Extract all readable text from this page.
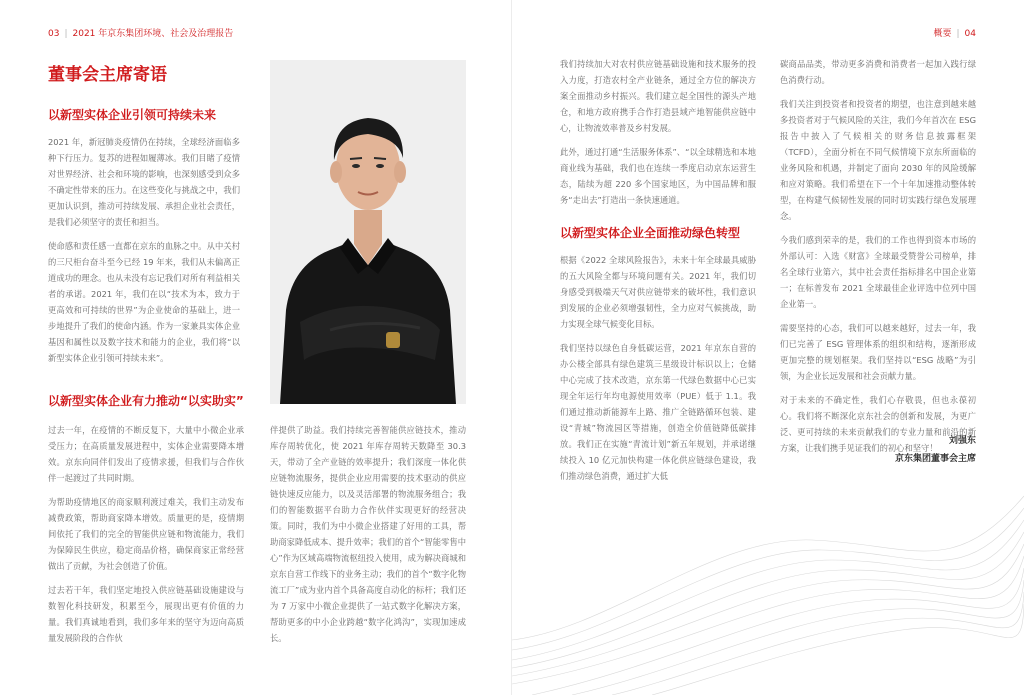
03 | 2021 年京东集团环境、社会及治理报告
董事会主席寄语
以新型实体企业引领可持续未来

2021 年，新冠肺炎疫情仍在持续，全球经济面临多种下行压力。复苏的进程如履薄冰。我们目睹了疫情对世界经济、社会和环境的影响，也深刻感受到众多不确定性带来的压力。在这些变化与挑战之中，我们更加认识到，推动可持续发展、承担企业社会责任，是我们必须坚守的责任和担当。

使命感和责任感一直都在京东的血脉之中。从中关村的三尺柜台奋斗至今已经 19 年来，我们从未偏离正道成功的理念。也从未没有忘记我们对所有利益相关者的承诺。2021 年，我们在以“技术为本，致力于更高效和可持续的世界”为企业使命的基础上，进一步地提升了我们的使命内涵。作为一家兼具实体企业基因和属性以及数字技术和能力的企业，我们将“以新型实体企业引领可持续未来”。

以新型实体企业有力推动“以实助实”

过去一年，在疫情的不断反复下，大量中小微企业承受压力；在高质量发展进程中，实体企业需要降本增效。京东向同伴们发出了疫情求援，但我们与合作伙伴一起渡过了共同时期。

为帮助疫情地区的商家顺利渡过难关，我们主动发布减费政策，帮助商家降本增效。质量更的是，疫情期间依托了我们的完全的智能供应链和物流能力，我们为保障民生供应，稳定商品价格，确保商家正常经营做出了贡献，为社会创造了价值。

过去若干年，我们坚定地投入供应链基础设施建设与数智化科技研发，积累至今，展现出更有价值的力量。我们真诚地看到，我们多年来的坚守为迈向高质量发展阶段的合作伙

伴提供了助益。我们持续完善智能供应链技术，推动库存周转优化，使 2021 年库存周转天数降至 30.3 天，带动了全产业链的效率提升；我们深度一体化供应链物流服务，提供企业应用需要的技术驱动的供应链快速反应能力，以及灵活部署的物流服务组合；我们的智能数据平台助力合作伙伴实现更好的经营决策。同时，我们为中小微企业搭建了好用的工具，帮助商家降低成本、提升效率；我们的首个“智能零售中心”作为区域高端物流枢纽投入使用，成为解决商城和京东自营工作线下的业务主动；我们的首个“数字化物流工厂”成为业内首个具备高度自动化的标杆；我们还为 7 万家中小微企业提供了一站式数字化解决方案，帮助更多的中小企业跨越“数字化鸿沟”，实现加速成长。

概要 | 04

我们持续加大对农村供应链基础设施和技术服务的投入力度，打造农村全产业链条，通过全方位的解决方案全面推动乡村振兴。我们建立起全国性的源头产地仓，和地方政府携手合作打造县域产地智能供应链中心，让物流效率普及乡村发展。

此外，通过打通“生活服务体系”、“以全球精选和本地商业线为基础，我们也在连续一季度启动京东运营生态，陆续为超 220 多个国家地区，为中国品牌和服务“走出去”打造出一条快速通道。

以新型实体企业全面推动绿色转型

根据《2022 全球风险报告》，未来十年全球最具威胁的五大风险全都与环境问题有关。2021 年，我们切身感受到极端天气对供应链带来的破坏性，我们意识到发展的企业必须增强韧性，全力应对气候挑战，助力实现全球气候变化目标。

我们坚持以绿色自身低碳运营，2021 年京东自营的办公楼全部具有绿色建筑三星级设计标识以上；仓储中心完成了技术改造，京东第一代绿色数据中心已实现全年运行年均电源使用效率（PUE）低于 1.1。我们通过推动新能源车上路、推广全链路循环包装、建设“青城”物流园区等措施，创造全价值链降低碳排放。我们正在实施“青流计划”新五年规划，并承诺继续投入 10 亿元加快构建一体化供应链绿色建设，我们推动绿色消费，通过扩大低

碳商品品类，带动更多消费和消费者一起加入践行绿色消费行动。

我们关注到投资者和投资者的期望，也注意到越来越多投资者对于气候风险的关注，我们今年首次在 ESG 报告中披入了气候相关的财务信息披露框架（TCFD），全面分析在不同气候情境下京东所面临的业务风险和机遇，并制定了面向 2030 年的风险缓解和应对策略。我们希望在下一个十年加速推动整体转型，在构建气候韧性发展的同时切实践行绿色发展理念。

今我们感到荣幸的是，我们的工作也得到资本市场的外部认可：入选《财富》全球最受赞誉公司榜单，排名全球行业第六，其中社会责任指标排名中国企业第一；在标普发布 2021 全球最佳企业评选中位列中国企业第一。

需要坚持的心态，我们可以越来越好，过去一年，我们已完善了 ESG 管理体系的组织和结构，逐渐形成更加完整的规划框架。我们坚持以“ESG 战略”为引领，为企业长远发展和社会贡献力量。

对于未来的不确定性，我们心存敬畏，但也永葆初心。我们将不断深化京东社会的创新和发展，为更广泛、更可持续的未来贡献我们的专业力量和前沿的新方案，让我们携手见证我们的初心和坚守！

刘强东
京东集团董事会主席
